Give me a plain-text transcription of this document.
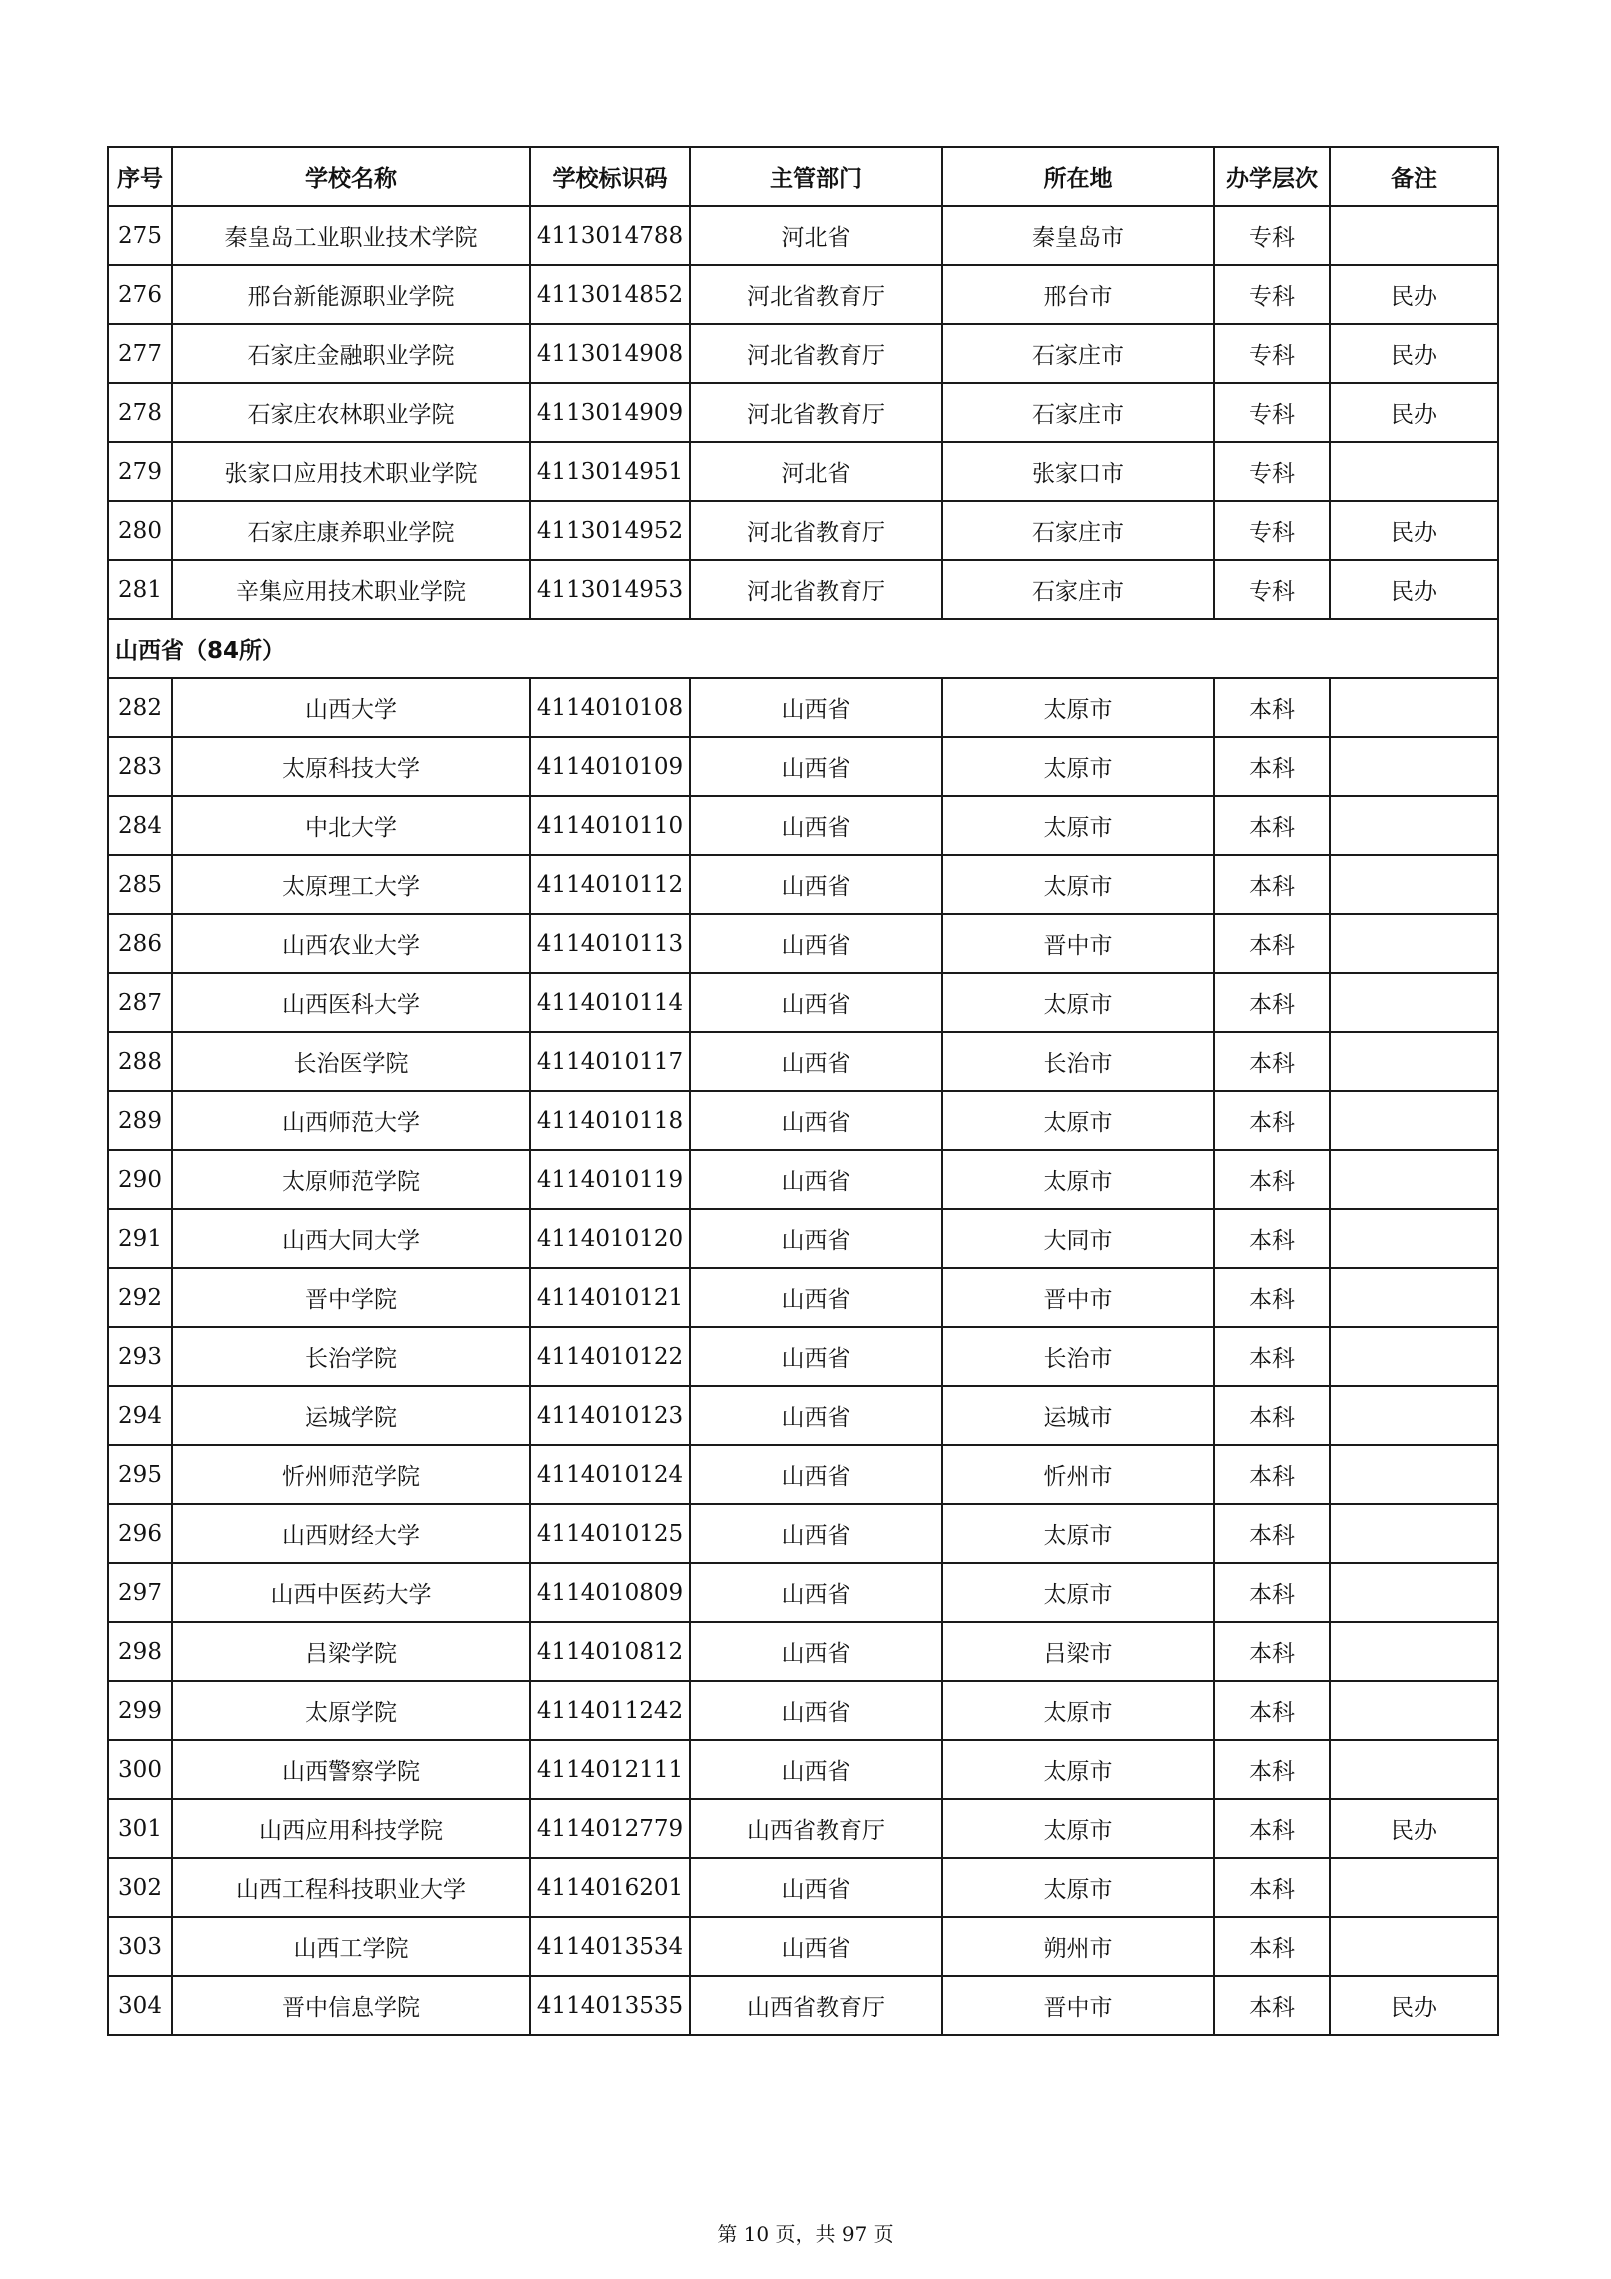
序号	学校名称	学校标识码	主管部门	所在地	办学层次	备注
275	秦皇岛工业职业技术学院	4113014788	河北省	秦皇岛市	专科	
276	邢台新能源职业学院	4113014852	河北省教育厅	邢台市	专科	民办
277	石家庄金融职业学院	4113014908	河北省教育厅	石家庄市	专科	民办
278	石家庄农林职业学院	4113014909	河北省教育厅	石家庄市	专科	民办
279	张家口应用技术职业学院	4113014951	河北省	张家口市	专科	
280	石家庄康养职业学院	4113014952	河北省教育厅	石家庄市	专科	民办
281	辛集应用技术职业学院	4113014953	河北省教育厅	石家庄市	专科	民办
山西省（84所）						
282	山西大学	4114010108	山西省	太原市	本科	
283	太原科技大学	4114010109	山西省	太原市	本科	
284	中北大学	4114010110	山西省	太原市	本科	
285	太原理工大学	4114010112	山西省	太原市	本科	
286	山西农业大学	4114010113	山西省	晋中市	本科	
287	山西医科大学	4114010114	山西省	太原市	本科	
288	长治医学院	4114010117	山西省	长治市	本科	
289	山西师范大学	4114010118	山西省	太原市	本科	
290	太原师范学院	4114010119	山西省	太原市	本科	
291	山西大同大学	4114010120	山西省	大同市	本科	
292	晋中学院	4114010121	山西省	晋中市	本科	
293	长治学院	4114010122	山西省	长治市	本科	
294	运城学院	4114010123	山西省	运城市	本科	
295	忻州师范学院	4114010124	山西省	忻州市	本科	
296	山西财经大学	4114010125	山西省	太原市	本科	
297	山西中医药大学	4114010809	山西省	太原市	本科	
298	吕梁学院	4114010812	山西省	吕梁市	本科	
299	太原学院	4114011242	山西省	太原市	本科	
300	山西警察学院	4114012111	山西省	太原市	本科	
301	山西应用科技学院	4114012779	山西省教育厅	太原市	本科	民办
302	山西工程科技职业大学	4114016201	山西省	太原市	本科	
303	山西工学院	4114013534	山西省	朔州市	本科	
304	晋中信息学院	4114013535	山西省教育厅	晋中市	本科	民办
第 10 页，共 97 页
